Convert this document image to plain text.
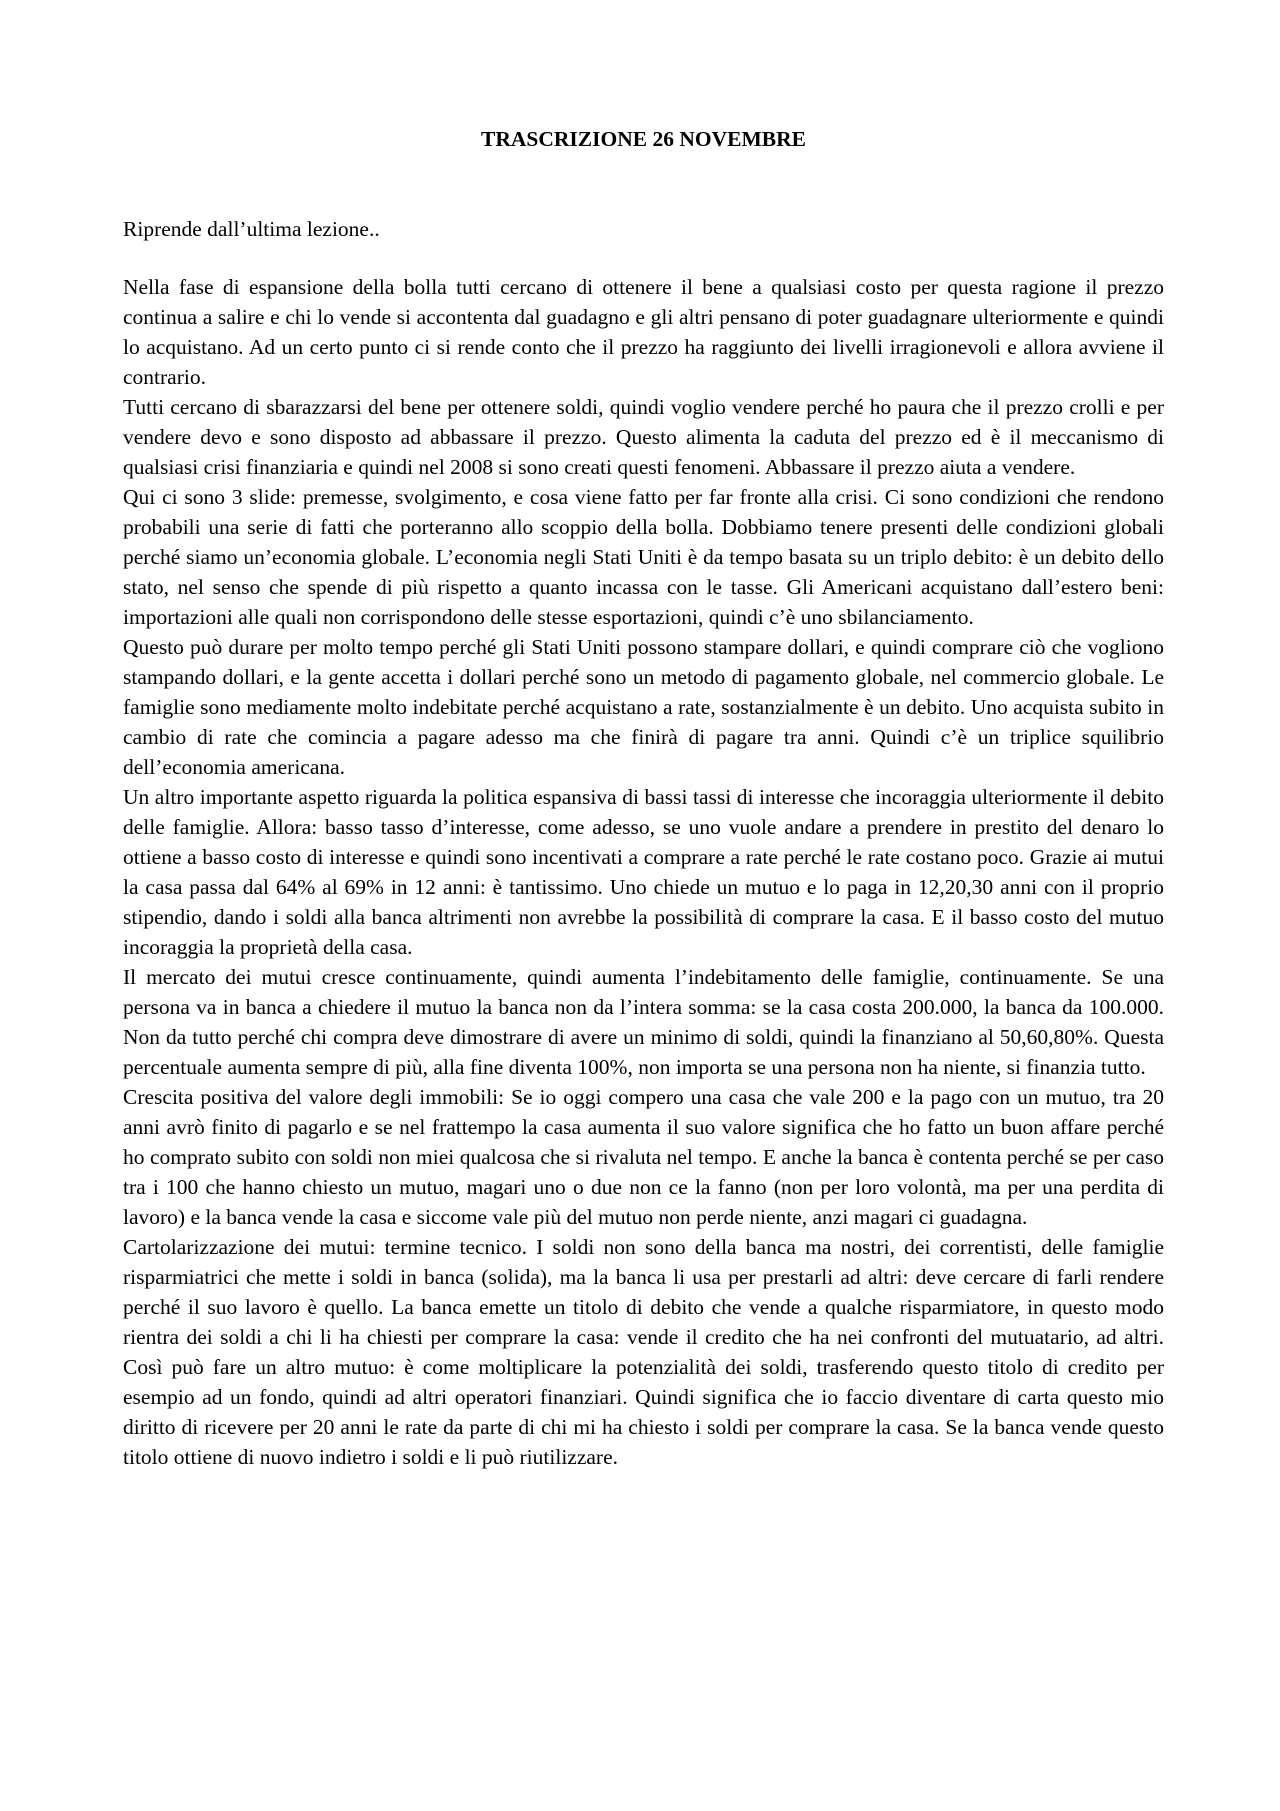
TRASCRIZIONE 26 NOVEMBRE

Riprende dall’ultima lezione..

Nella fase di espansione della bolla tutti cercano di ottenere il bene a qualsiasi costo per questa ragione il prezzo continua a salire e chi lo vende si accontenta dal guadagno e gli altri pensano di poter guadagnare ulteriormente e quindi lo acquistano. Ad un certo punto ci si rende conto che il prezzo ha raggiunto dei livelli irragionevoli e allora avviene il contrario.

Tutti cercano di sbarazzarsi del bene per ottenere soldi, quindi voglio vendere perché ho paura che il prezzo crolli e per vendere devo e sono disposto ad abbassare il prezzo. Questo alimenta la caduta del prezzo ed è il meccanismo di qualsiasi crisi finanziaria e quindi nel 2008 si sono creati questi fenomeni. Abbassare il prezzo aiuta a vendere.

Qui ci sono 3 slide: premesse, svolgimento, e cosa viene fatto per far fronte alla crisi. Ci sono condizioni che rendono probabili una serie di fatti che porteranno allo scoppio della bolla. Dobbiamo tenere presenti delle condizioni globali perché siamo un’economia globale. L’economia negli Stati Uniti è da tempo basata su un triplo debito: è un debito dello stato, nel senso che spende di più rispetto a quanto incassa con le tasse. Gli Americani acquistano dall’estero beni: importazioni alle quali non corrispondono delle stesse esportazioni, quindi c’è uno sbilanciamento.

Questo può durare per molto tempo perché gli Stati Uniti possono stampare dollari, e quindi comprare ciò che vogliono stampando dollari, e la gente accetta i dollari perché sono un metodo di pagamento globale, nel commercio globale. Le famiglie sono mediamente molto indebitate perché acquistano a rate, sostanzialmente è un debito. Uno acquista subito in cambio di rate che comincia a pagare adesso ma che finirà di pagare tra anni. Quindi c’è un triplice squilibrio dell’economia americana.

Un altro importante aspetto riguarda la politica espansiva di bassi tassi di interesse che incoraggia ulteriormente il debito delle famiglie. Allora: basso tasso d’interesse, come adesso, se uno vuole andare a prendere in prestito del denaro lo ottiene a basso costo di interesse e quindi sono incentivati a comprare a rate perché le rate costano poco. Grazie ai mutui la casa passa dal 64% al 69% in 12 anni: è tantissimo. Uno chiede un mutuo e lo paga in 12,20,30 anni con il proprio stipendio, dando i soldi alla banca altrimenti non avrebbe la possibilità di comprare la casa. E il basso costo del mutuo incoraggia la proprietà della casa.

Il mercato dei mutui cresce continuamente, quindi aumenta l’indebitamento delle famiglie, continuamente. Se una persona va in banca a chiedere il mutuo la banca non da l’intera somma: se la casa costa 200.000, la banca da 100.000. Non da tutto perché chi compra deve dimostrare di avere un minimo di soldi, quindi la finanziano al 50,60,80%. Questa percentuale aumenta sempre di più, alla fine diventa 100%, non importa se una persona non ha niente, si finanzia tutto.

Crescita positiva del valore degli immobili: Se io oggi compero una casa che vale 200 e la pago con un mutuo, tra 20 anni avrò finito di pagarlo e se nel frattempo la casa aumenta il suo valore significa che ho fatto un buon affare perché ho comprato subito con soldi non miei qualcosa che si rivaluta nel tempo. E anche la banca è contenta perché se per caso tra i 100 che hanno chiesto un mutuo, magari uno o due non ce la fanno (non per loro volontà, ma per una perdita di lavoro) e la banca vende la casa e siccome vale più del mutuo non perde niente, anzi magari ci guadagna.

Cartolarizzazione dei mutui: termine tecnico. I soldi non sono della banca ma nostri, dei correntisti, delle famiglie risparmiatrici che mette i soldi in banca (solida), ma la banca li usa per prestarli ad altri: deve cercare di farli rendere perché il suo lavoro è quello. La banca emette un titolo di debito che vende a qualche risparmiatore, in questo modo rientra dei soldi a chi li ha chiesti per comprare la casa: vende il credito che ha nei confronti del mutuatario, ad altri. Così può fare un altro mutuo: è come moltiplicare la potenzialità dei soldi, trasferendo questo titolo di credito per esempio ad un fondo, quindi ad altri operatori finanziari. Quindi significa che io faccio diventare di carta questo mio diritto di ricevere per 20 anni le rate da parte di chi mi ha chiesto i soldi per comprare la casa. Se la banca vende questo titolo ottiene di nuovo indietro i soldi e li può riutilizzare.
